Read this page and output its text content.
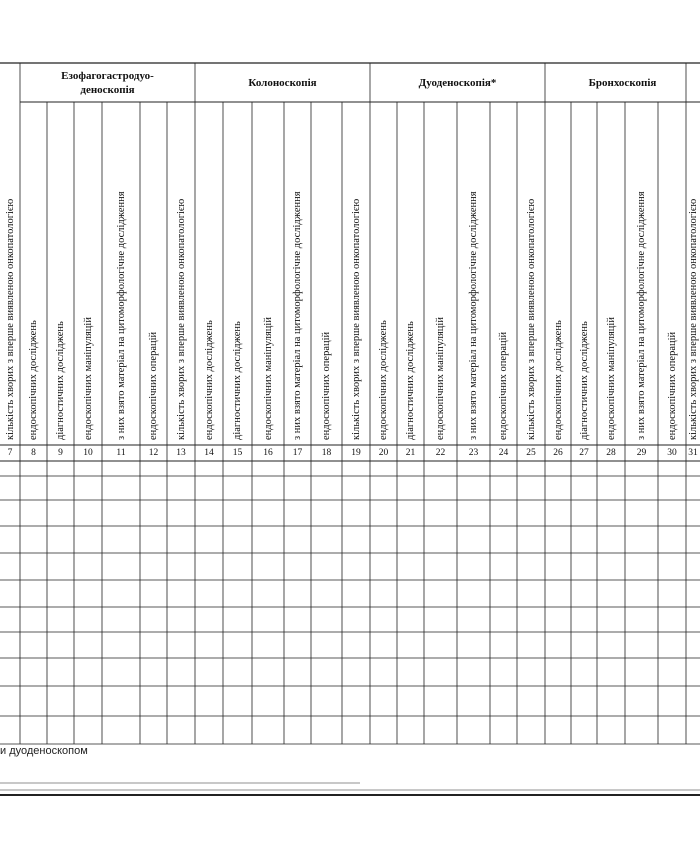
Езофагогастродуо-деноскопія
Колоноскопія	Дуоденоскопія*	Бронхоскопія
кількість хворих з вперше виявленою онкопатологією
7
ендоскопічних досліджень
8
діагностичних досліджень
9
ендоскопічних маніпуляцій
10
з них взято матеріал на цитоморфологічне дослідження
11
ендоскопічних операцій
12
кількість хворих з вперше виявленою онкопатологією
13
ендоскопічних досліджень
14
діагностичних досліджень
15
ендоскопічних маніпуляцій
16
з них взято матеріал на цитоморфологічне дослідження
17
ендоскопічних операцій
18
кількість хворих з вперше виявленою онкопатологією
19
ендоскопічних досліджень
20
діагностичних досліджень
21
ендоскопічних маніпуляцій
22
з них взято матеріал на цитоморфологічне дослідження
23
ендоскопічних операцій
24
кількість хворих з вперше виявленою онкопатологією
25
ендоскопічних досліджень
26
діагностичних досліджень
27
ендоскопічних маніпуляцій
28
з них взято матеріал на цитоморфологічне дослідження
29
ендоскопічних операцій
30
кількість хворих з вперше виявленою онкопатологією
31
и дуоденоскопом
